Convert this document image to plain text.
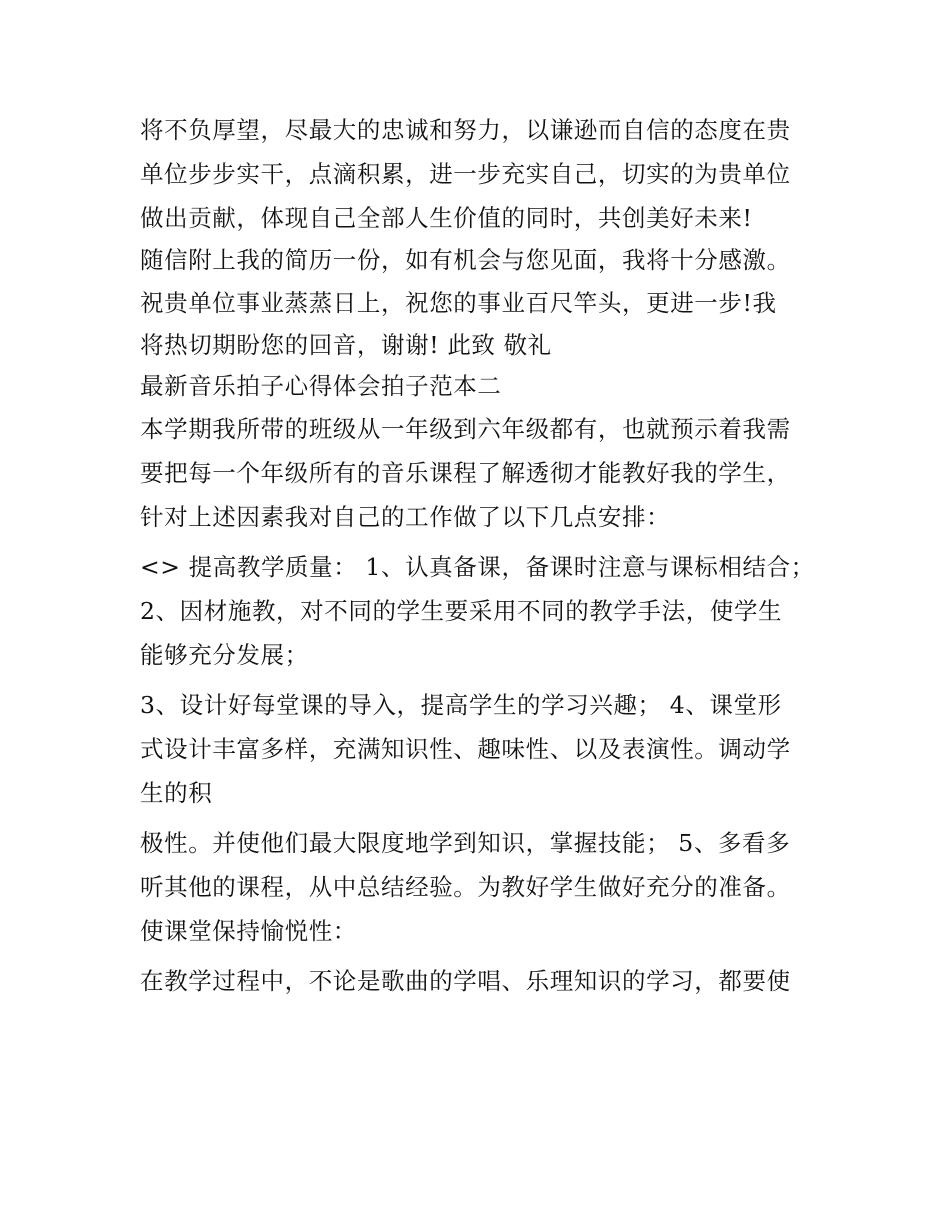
将不负厚望，尽最大的忠诚和努力，以谦逊而自信的态度在贵
单位步步实干，点滴积累，进一步充实自己，切实的为贵单位
做出贡献，体现自己全部人生价值的同时，共创美好未来!
随信附上我的简历一份，如有机会与您见面，我将十分感激。
祝贵单位事业蒸蒸日上，祝您的事业百尺竿头，更进一步!我
将热切期盼您的回音，谢谢! 此致 敬礼
最新音乐拍子心得体会拍子范本二
本学期我所带的班级从一年级到六年级都有，也就预示着我需
要把每一个年级所有的音乐课程了解透彻才能教好我的学生，
针对上述因素我对自己的工作做了以下几点安排：
<> 提高教学质量： 1、认真备课，备课时注意与课标相结合；
2、因材施教，对不同的学生要采用不同的教学手法，使学生
能够充分发展；
3、设计好每堂课的导入，提高学生的学习兴趣； 4、课堂形
式设计丰富多样，充满知识性、趣味性、以及表演性。调动学
生的积
极性。并使他们最大限度地学到知识，掌握技能； 5、多看多
听其他的课程，从中总结经验。为教好学生做好充分的准备。
使课堂保持愉悦性：
在教学过程中，不论是歌曲的学唱、乐理知识的学习，都要使
